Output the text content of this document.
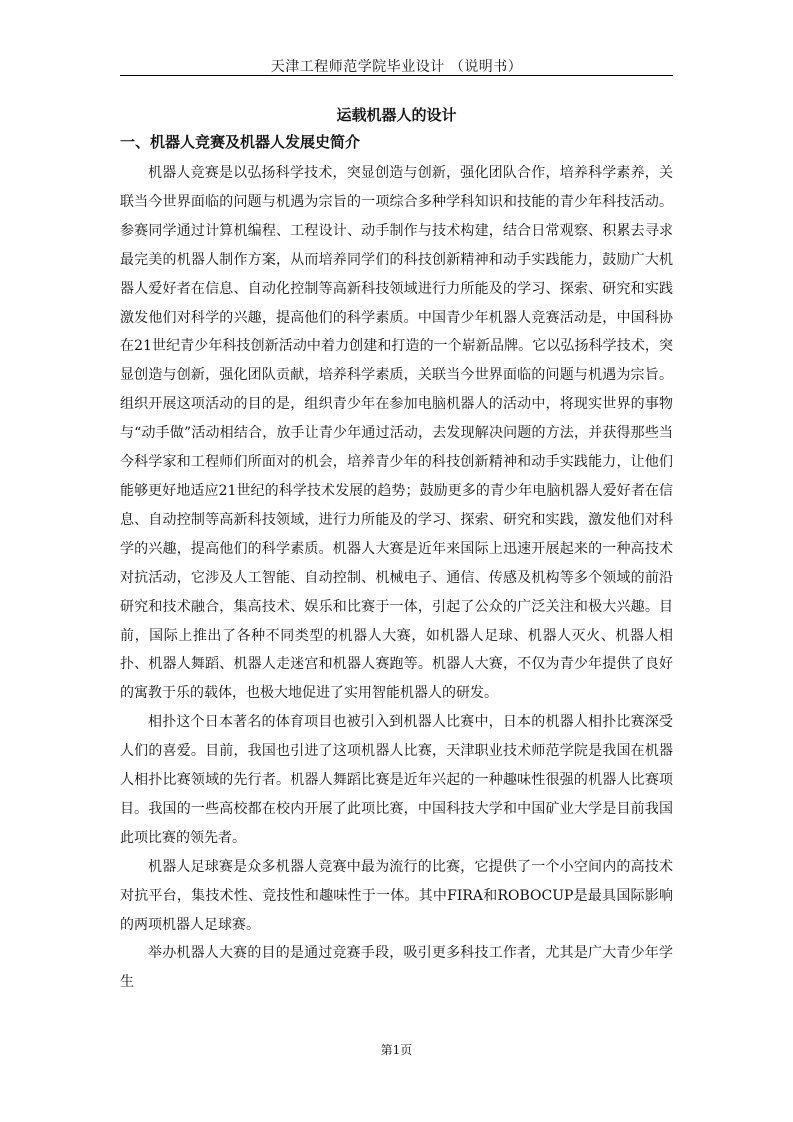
天津工程师范学院毕业设计 （说明书）
运载机器人的设计
一、机器人竞赛及机器人发展史简介

机器人竞赛是以弘扬科学技术，突显创造与创新，强化团队合作，培养科学素养，关联当今世界面临的问题与机遇为宗旨的一项综合多种学科知识和技能的青少年科技活动。参赛同学通过计算机编程、工程设计、动手制作与技术构建，结合日常观察、积累去寻求最完美的机器人制作方案，从而培养同学们的科技创新精神和动手实践能力，鼓励广大机器人爱好者在信息、自动化控制等高新科技领域进行力所能及的学习、探索、研究和实践激发他们对科学的兴趣，提高他们的科学素质。中国青少年机器人竞赛活动是，中国科协在21世纪青少年科技创新活动中着力创建和打造的一个崭新品牌。它以弘扬科学技术，突显创造与创新，强化团队贡献，培养科学素质，关联当今世界面临的问题与机遇为宗旨。组织开展这项活动的目的是，组织青少年在参加电脑机器人的活动中，将现实世界的事物与“动手做”活动相结合，放手让青少年通过活动，去发现解决问题的方法，并获得那些当今科学家和工程师们所面对的机会，培养青少年的科技创新精神和动手实践能力，让他们能够更好地适应21世纪的科学技术发展的趋势；鼓励更多的青少年电脑机器人爱好者在信息、自动控制等高新科技领域，进行力所能及的学习、探索、研究和实践，激发他们对科学的兴趣，提高他们的科学素质。机器人大赛是近年来国际上迅速开展起来的一种高技术对抗活动，它涉及人工智能、自动控制、机械电子、通信、传感及机构等多个领域的前沿研究和技术融合，集高技术、娱乐和比赛于一体，引起了公众的广泛关注和极大兴趣。目前，国际上推出了各种不同类型的机器人大赛，如机器人足球、机器人灭火、机器人相扑、机器人舞蹈、机器人走迷宫和机器人赛跑等。机器人大赛，不仅为青少年提供了良好的寓教于乐的载体，也极大地促进了实用智能机器人的研发。

相扑这个日本著名的体育项目也被引入到机器人比赛中，日本的机器人相扑比赛深受人们的喜爱。目前，我国也引进了这项机器人比赛，天津职业技术师范学院是我国在机器人相扑比赛领域的先行者。机器人舞蹈比赛是近年兴起的一种趣味性很强的机器人比赛项目。我国的一些高校都在校内开展了此项比赛，中国科技大学和中国矿业大学是目前我国此项比赛的领先者。

机器人足球赛是众多机器人竞赛中最为流行的比赛，它提供了一个小空间内的高技术对抗平台，集技术性、竞技性和趣味性于一体。其中FIRA和ROBOCUP是最具国际影响的两项机器人足球赛。

举办机器人大赛的目的是通过竞赛手段，吸引更多科技工作者，尤其是广大青少年学生

第1页
